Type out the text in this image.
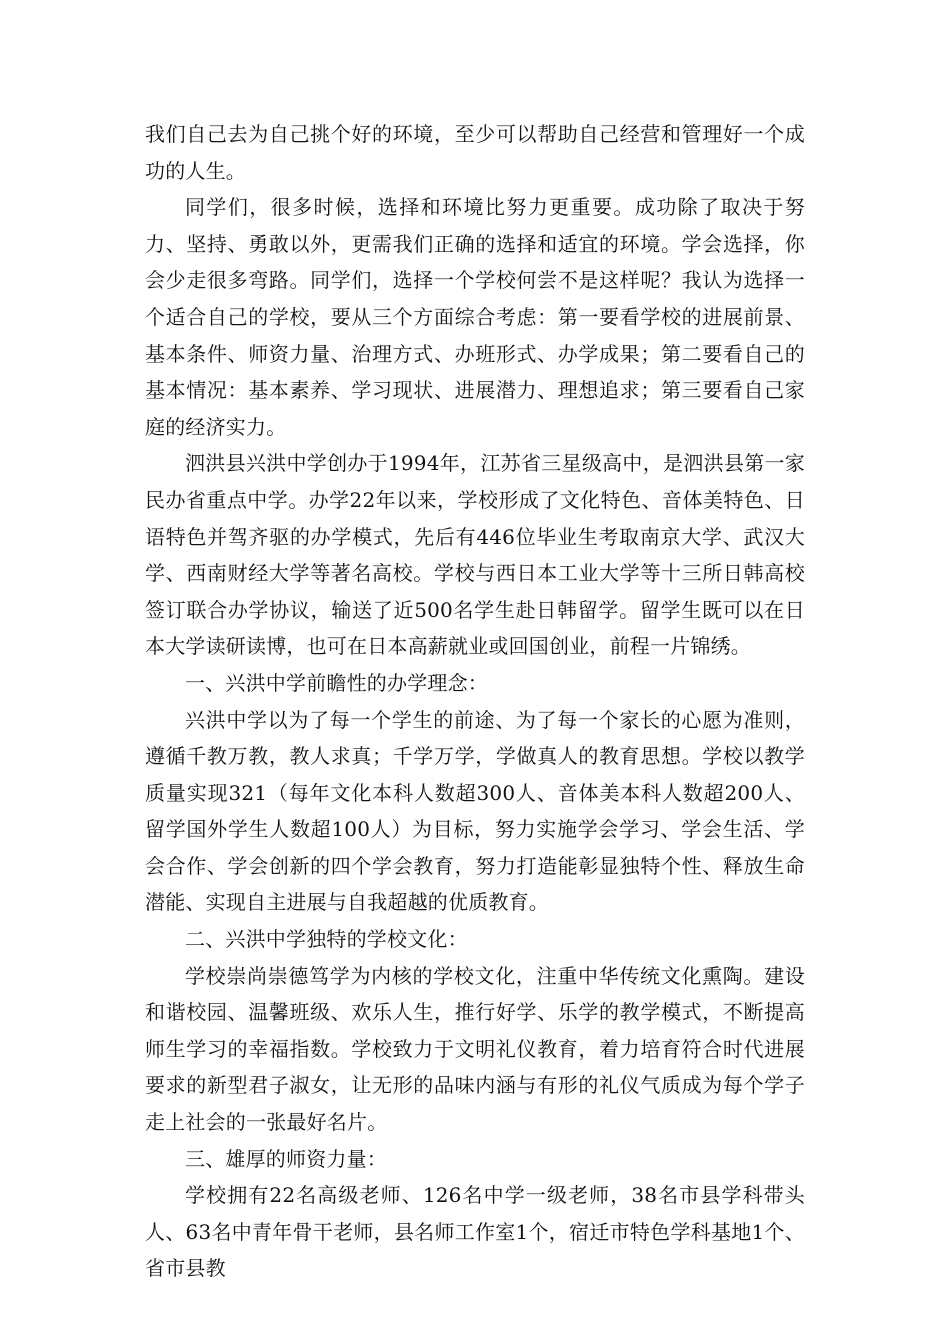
我们自己去为自己挑个好的环境，至少可以帮助自己经营和管理好一个成功的人生。

同学们，很多时候，选择和环境比努力更重要。成功除了取决于努力、坚持、勇敢以外，更需我们正确的选择和适宜的环境。学会选择，你会少走很多弯路。同学们，选择一个学校何尝不是这样呢？我认为选择一个适合自己的学校，要从三个方面综合考虑：第一要看学校的进展前景、基本条件、师资力量、治理方式、办班形式、办学成果；第二要看自己的基本情况：基本素养、学习现状、进展潜力、理想追求；第三要看自己家庭的经济实力。

泗洪县兴洪中学创办于1994年，江苏省三星级高中，是泗洪县第一家民办省重点中学。办学22年以来，学校形成了文化特色、音体美特色、日语特色并驾齐驱的办学模式，先后有446位毕业生考取南京大学、武汉大学、西南财经大学等著名高校。学校与西日本工业大学等十三所日韩高校签订联合办学协议，输送了近500名学生赴日韩留学。留学生既可以在日本大学读研读博，也可在日本高薪就业或回国创业，前程一片锦绣。

一、兴洪中学前瞻性的办学理念：

兴洪中学以为了每一个学生的前途、为了每一个家长的心愿为准则，遵循千教万教，教人求真；千学万学，学做真人的教育思想。学校以教学质量实现321（每年文化本科人数超300人、音体美本科人数超200人、留学国外学生人数超100人）为目标，努力实施学会学习、学会生活、学会合作、学会创新的四个学会教育，努力打造能彰显独特个性、释放生命潜能、实现自主进展与自我超越的优质教育。

二、兴洪中学独特的学校文化：

学校崇尚崇德笃学为内核的学校文化，注重中华传统文化熏陶。建设和谐校园、温馨班级、欢乐人生，推行好学、乐学的教学模式，不断提高师生学习的幸福指数。学校致力于文明礼仪教育，着力培育符合时代进展要求的新型君子淑女，让无形的品味内涵与有形的礼仪气质成为每个学子走上社会的一张最好名片。

三、雄厚的师资力量：

学校拥有22名高级老师、126名中学一级老师，38名市县学科带头人、63名中青年骨干老师，县名师工作室1个，宿迁市特色学科基地1个、省市县教
